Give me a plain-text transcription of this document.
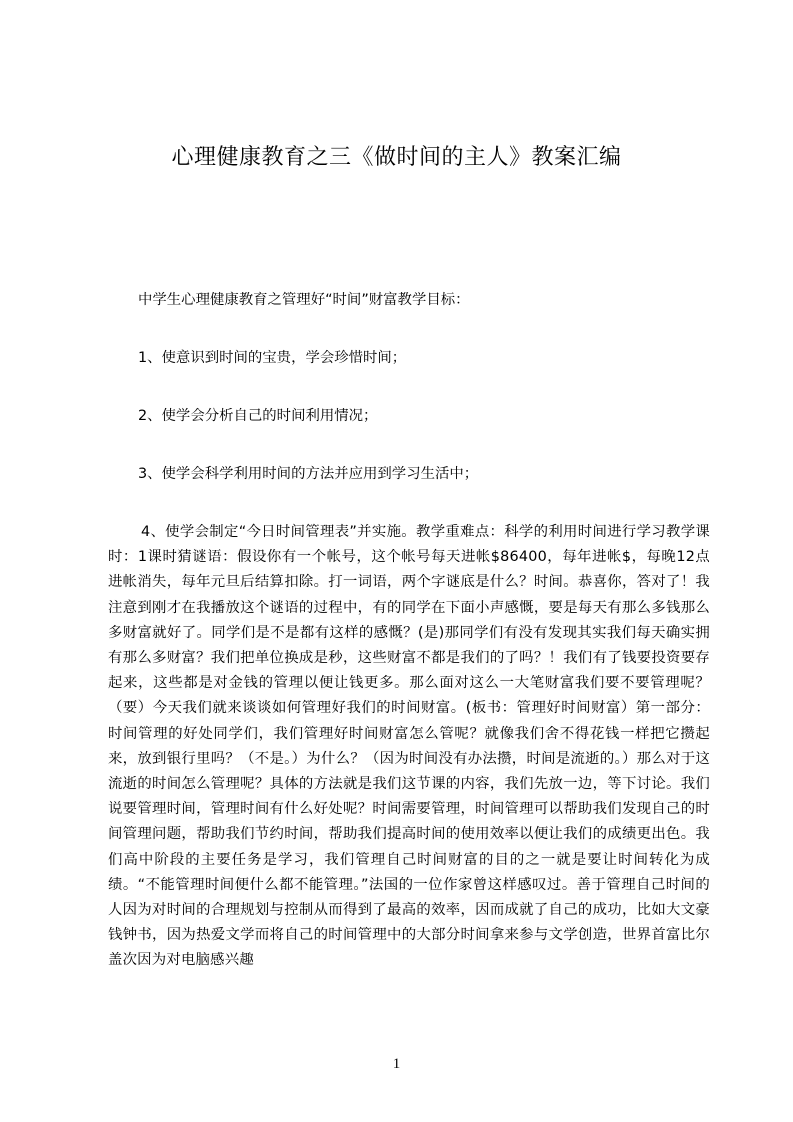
心理健康教育之三《做时间的主人》教案汇编

中学生心理健康教育之管理好“时间”财富教学目标：

1、使意识到时间的宝贵，学会珍惜时间；

2、使学会分析自己的时间利用情况；

3、使学会科学利用时间的方法并应用到学习生活中；

4、使学会制定“今日时间管理表”并实施。教学重难点：科学的利用时间进行学习教学课时：1课时猜谜语：假设你有一个帐号，这个帐号每天进帐$86400，每年进帐$，每晚12点进帐消失，每年元旦后结算扣除。打一词语，两个字谜底是什么？时间。恭喜你，答对了！我注意到刚才在我播放这个谜语的过程中，有的同学在下面小声感慨，要是每天有那么多钱那么多财富就好了。同学们是不是都有这样的感慨？(是)那同学们有没有发现其实我们每天确实拥有那么多财富？我们把单位换成是秒，这些财富不都是我们的了吗？！我们有了钱要投资要存起来，这些都是对金钱的管理以便让钱更多。那么面对这么一大笔财富我们要不要管理呢？（要）今天我们就来谈谈如何管理好我们的时间财富。(板书：管理好时间财富）第一部分：时间管理的好处同学们，我们管理好时间财富怎么管呢？就像我们舍不得花钱一样把它攒起来，放到银行里吗？（不是。）为什么？（因为时间没有办法攒，时间是流逝的。）那么对于这流逝的时间怎么管理呢？具体的方法就是我们这节课的内容，我们先放一边，等下讨论。我们说要管理时间，管理时间有什么好处呢？时间需要管理，时间管理可以帮助我们发现自己的时间管理问题，帮助我们节约时间，帮助我们提高时间的使用效率以便让我们的成绩更出色。我们高中阶段的主要任务是学习，我们管理自己时间财富的目的之一就是要让时间转化为成绩。“不能管理时间便什么都不能管理。”法国的一位作家曾这样感叹过。善于管理自己时间的人因为对时间的合理规划与控制从而得到了最高的效率，因而成就了自己的成功，比如大文豪钱钟书，因为热爱文学而将自己的时间管理中的大部分时间拿来参与文学创造，世界首富比尔盖次因为对电脑感兴趣

1
